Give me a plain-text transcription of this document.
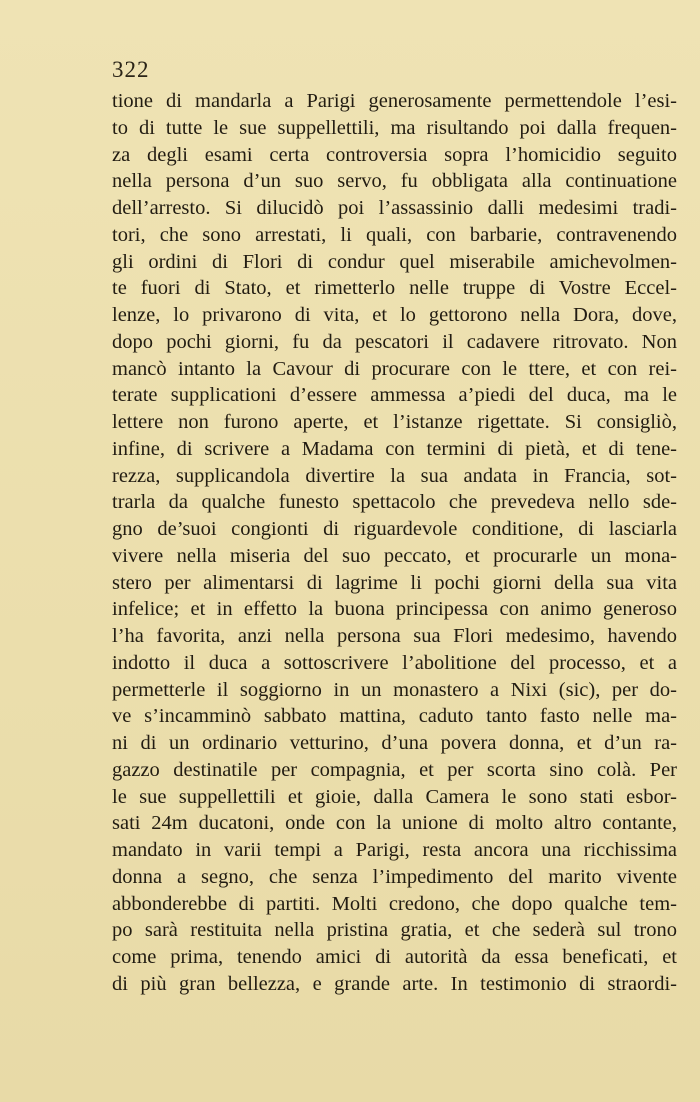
322
tione di mandarla a Parigi generosamente permettendole l’esi-
to di tutte le sue suppellettili, ma risultando poi dalla frequen-
za degli esami certa controversia sopra l’homicidio seguito
nella persona d’un suo servo, fu obbligata alla continuatione
dell’arresto. Si dilucidò poi l’assassinio dalli medesimi tradi-
tori, che sono arrestati, li quali, con barbarie, contravenendo
gli ordini di Flori di condur quel miserabile amichevolmen-
te fuori di Stato, et rimetterlo nelle truppe di Vostre Eccel-
lenze, lo privarono di vita, et lo gettorono nella Dora, dove,
dopo pochi giorni, fu da pescatori il cadavere ritrovato. Non
mancò intanto la Cavour di procurare con le ttere, et con rei-
terate supplicationi d’essere ammessa a’piedi del duca, ma le
lettere non furono aperte, et l’istanze rigettate. Si consigliò,
infine, di scrivere a Madama con termini di pietà, et di tene-
rezza, supplicandola divertire la sua andata in Francia, sot-
trarla da qualche funesto spettacolo che prevedeva nello sde-
gno de’suoi congionti di riguardevole conditione, di lasciarla
vivere nella miseria del suo peccato, et procurarle un mona-
stero per alimentarsi di lagrime li pochi giorni della sua vita
infelice; et in effetto la buona principessa con animo generoso
l’ha favorita, anzi nella persona sua Flori medesimo, havendo
indotto il duca a sottoscrivere l’abolitione del processo, et a
permetterle il soggiorno in un monastero a Nixi (sic), per do-
ve s’incamminò sabbato mattina, caduto tanto fasto nelle ma-
ni di un ordinario vetturino, d’una povera donna, et d’un ra-
gazzo destinatile per compagnia, et per scorta sino colà. Per
le sue suppellettili et gioie, dalla Camera le sono stati esbor-
sati 24m ducatoni, onde con la unione di molto altro contante,
mandato in varii tempi a Parigi, resta ancora una ricchissima
donna a segno, che senza l’impedimento del marito vivente
abbonderebbe di partiti. Molti credono, che dopo qualche tem-
po sarà restituita nella pristina gratia, et che sederà sul trono
come prima, tenendo amici di autorità da essa beneficati, et
di più gran bellezza, e grande arte. In testimonio di straordi-
